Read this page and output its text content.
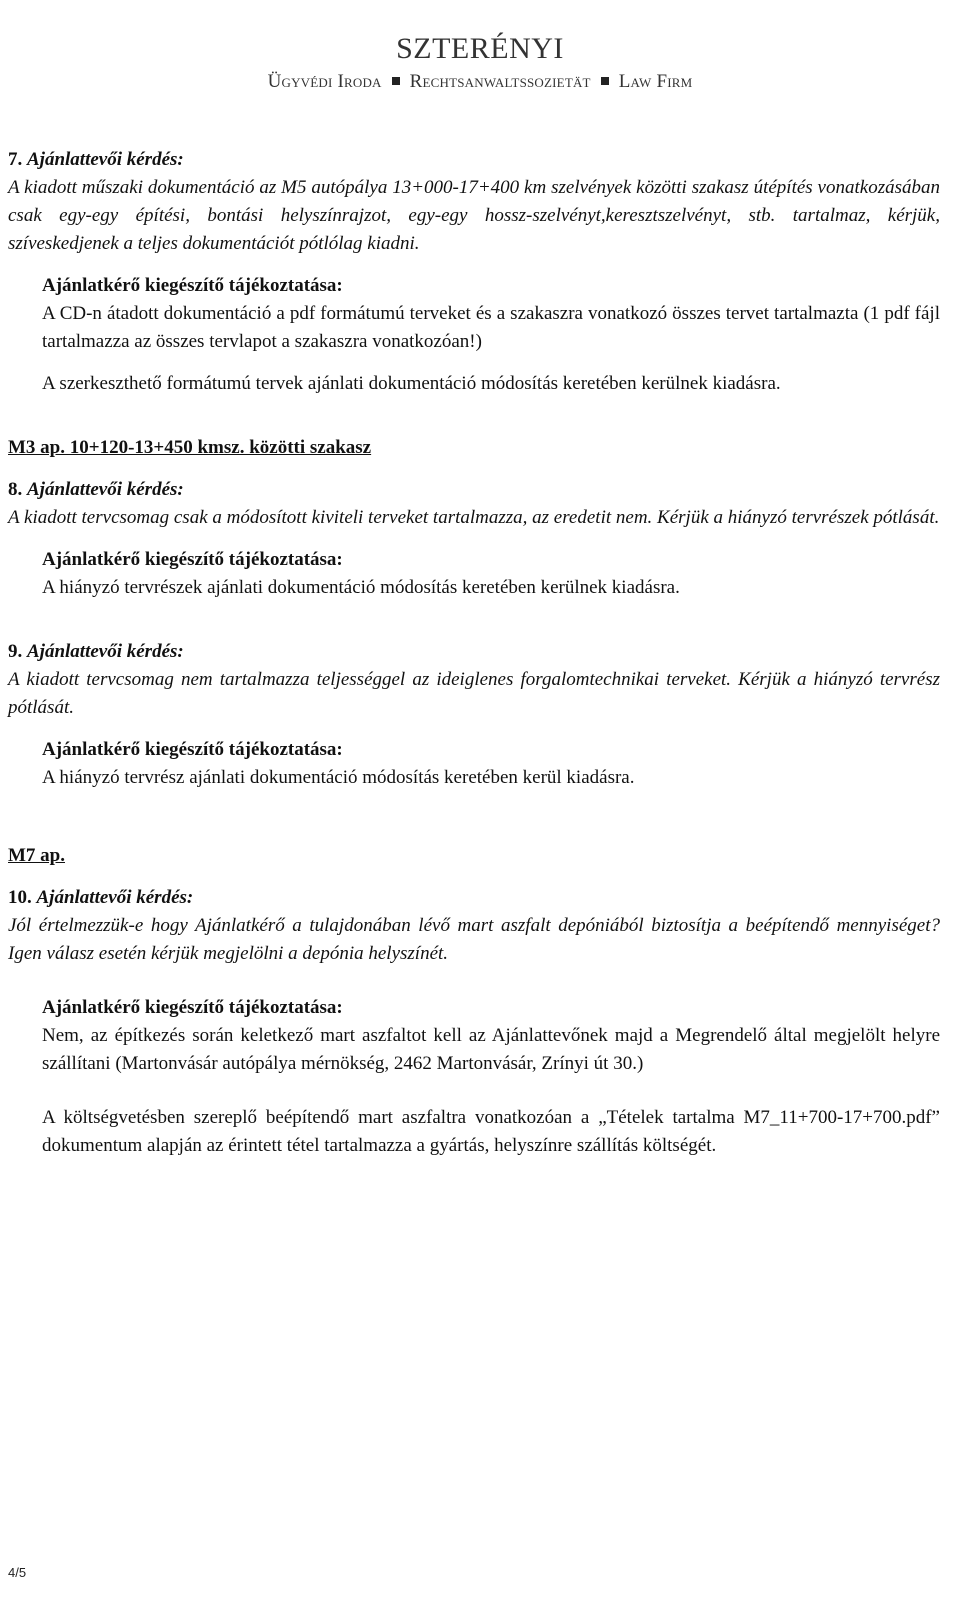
SZTERÉNYI
Ügyvédi Iroda Rechtsanwaltssozietät Law Firm

7. Ajánlattevői kérdés:

A kiadott műszaki dokumentáció az M5 autópálya 13+000-17+400 km szelvények közötti szakasz útépítés vonatkozásában csak egy-egy építési, bontási helyszínrajzot, egy-egy hossz-szelvényt,keresztszelvényt, stb. tartalmaz, kérjük, szíveskedjenek a teljes dokumentációt pótlólag kiadni.

Ajánlatkérő kiegészítő tájékoztatása:

A CD-n átadott dokumentáció a pdf formátumú terveket és a szakaszra vonatkozó összes tervet tartalmazta (1 pdf fájl tartalmazza az összes tervlapot a szakaszra vonatkozóan!)

A szerkeszthető formátumú tervek ajánlati dokumentáció módosítás keretében kerülnek kiadásra.

M3 ap. 10+120-13+450 kmsz. közötti szakasz

8. Ajánlattevői kérdés:

A kiadott tervcsomag csak a módosított kiviteli terveket tartalmazza, az eredetit nem. Kérjük a hiányzó tervrészek pótlását.

Ajánlatkérő kiegészítő tájékoztatása:

A hiányzó tervrészek ajánlati dokumentáció módosítás keretében kerülnek kiadásra.

9. Ajánlattevői kérdés:

A kiadott tervcsomag nem tartalmazza teljességgel az ideiglenes forgalomtechnikai terveket. Kérjük a hiányzó tervrész pótlását.

Ajánlatkérő kiegészítő tájékoztatása:

A hiányzó tervrész ajánlati dokumentáció módosítás keretében kerül kiadásra.

M7 ap.

10. Ajánlattevői kérdés:

Jól értelmezzük-e hogy Ajánlatkérő a tulajdonában lévő mart aszfalt depóniából biztosítja a beépítendő mennyiséget? Igen válasz esetén kérjük megjelölni a depónia helyszínét.

Ajánlatkérő kiegészítő tájékoztatása:

Nem, az építkezés során keletkező mart aszfaltot kell az Ajánlattevőnek majd a Megrendelő által megjelölt helyre szállítani (Martonvásár autópálya mérnökség, 2462 Martonvásár, Zrínyi út 30.)

A költségvetésben szereplő beépítendő mart aszfaltra vonatkozóan a „Tételek tartalma M7_11+700-17+700.pdf” dokumentum alapján az érintett tétel tartalmazza a gyártás, helyszínre szállítás költségét.

4/5
